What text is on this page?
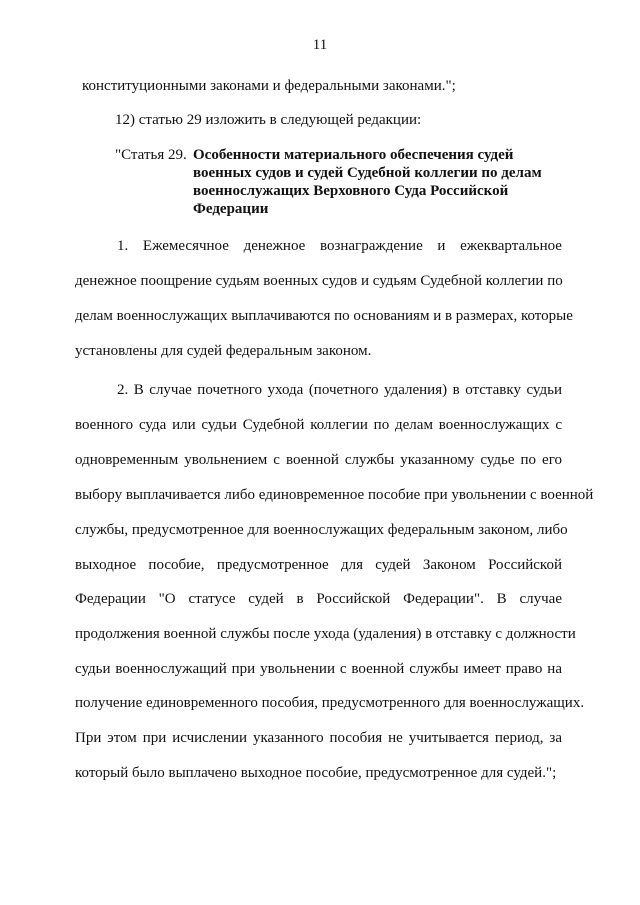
11
конституционными законами и федеральными законами.";
12) статью 29 изложить в следующей редакции:
"Статья 29. Особенности материального обеспечения судей
военных судов и судей Судебной коллегии по делам
военнослужащих Верховного Суда Российской
Федерации
1. Ежемесячное денежное вознаграждение и ежеквартальное
денежное поощрение судьям военных судов и судьям Судебной коллегии по
делам военнослужащих выплачиваются по основаниям и в размерах, которые
установлены для судей федеральным законом.
2. В случае почетного ухода (почетного удаления) в отставку судьи
военного суда или судьи Судебной коллегии по делам военнослужащих с
одновременным увольнением с военной службы указанному судье по его
выбору выплачивается либо единовременное пособие при увольнении с военной
службы, предусмотренное для военнослужащих федеральным законом, либо
выходное пособие, предусмотренное для судей Законом Российской
Федерации "О статусе судей в Российской Федерации". В случае
продолжения военной службы после ухода (удаления) в отставку с должности
судьи военнослужащий при увольнении с военной службы имеет право на
получение единовременного пособия, предусмотренного для военнослужащих.
При этом при исчислении указанного пособия не учитывается период, за
который было выплачено выходное пособие, предусмотренное для судей.";
